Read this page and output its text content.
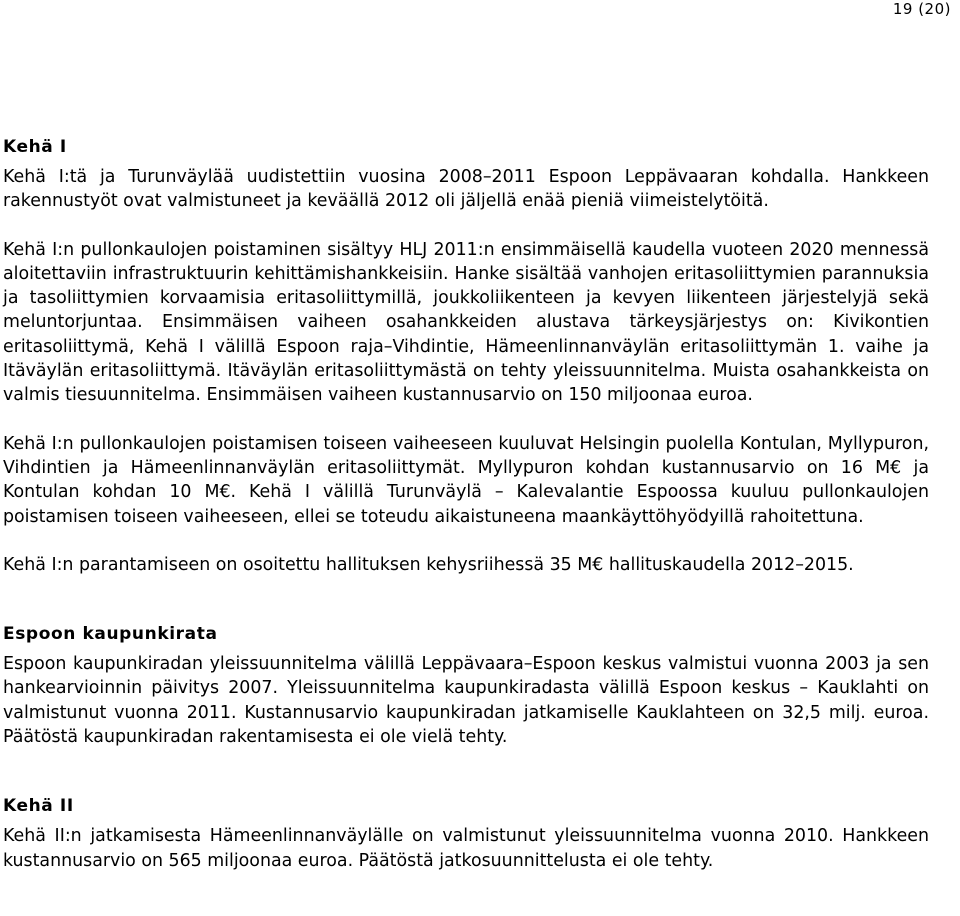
19 (20)
Kehä I

Kehä I:tä ja Turunväylää uudistettiin vuosina 2008–2011 Espoon Leppävaaran kohdalla. Hankkeen rakennustyöt ovat valmistuneet ja keväällä 2012 oli jäljellä enää pieniä viimeistelytöitä.

Kehä I:n pullonkaulojen poistaminen sisältyy HLJ 2011:n ensimmäisellä kaudella vuoteen 2020 mennessä aloitettaviin infrastruktuurin kehittämishankkeisiin. Hanke sisältää vanhojen eritasoliittymien parannuksia ja tasoliittymien korvaamisia eritasoliittymillä, joukkoliikenteen ja kevyen liikenteen järjestelyjä sekä meluntorjuntaa. Ensimmäisen vaiheen osahankkeiden alustava tärkeysjärjestys on: Kivikontien eritasoliittymä, Kehä I välillä Espoon raja–Vihdintie, Hämeenlinnanväylän eritasoliittymän 1. vaihe ja Itäväylän eritasoliittymä. Itäväylän eritasoliittymästä on tehty yleissuunnitelma. Muista osahankkeista on valmis tiesuunnitelma. Ensimmäisen vaiheen kustannusarvio on 150 miljoonaa euroa.

Kehä I:n pullonkaulojen poistamisen toiseen vaiheeseen kuuluvat Helsingin puolella Kontulan, Myllypuron, Vihdintien ja Hämeenlinnanväylän eritasoliittymät. Myllypuron kohdan kustannusarvio on 16 M€ ja Kontulan kohdan 10 M€. Kehä I välillä Turunväylä – Kalevalantie Espoossa kuuluu pullonkaulojen poistamisen toiseen vaiheeseen, ellei se toteudu aikaistuneena maankäyttöhyödyillä rahoitettuna.

Kehä I:n parantamiseen on osoitettu hallituksen kehysriihessä 35 M€ hallituskaudella 2012–2015.

Espoon kaupunkirata

Espoon kaupunkiradan yleissuunnitelma välillä Leppävaara–Espoon keskus valmistui vuonna 2003 ja sen hankearvioinnin päivitys 2007. Yleissuunnitelma kaupunkiradasta välillä Espoon keskus – Kauklahti on valmistunut vuonna 2011. Kustannusarvio kaupunkiradan jatkamiselle Kauklahteen on 32,5 milj. euroa. Päätöstä kaupunkiradan rakentamisesta ei ole vielä tehty.

Kehä II

Kehä II:n jatkamisesta Hämeenlinnanväylälle on valmistunut yleissuunnitelma vuonna 2010. Hankkeen kustannusarvio on 565 miljoonaa euroa. Päätöstä jatkosuunnittelusta ei ole tehty.
